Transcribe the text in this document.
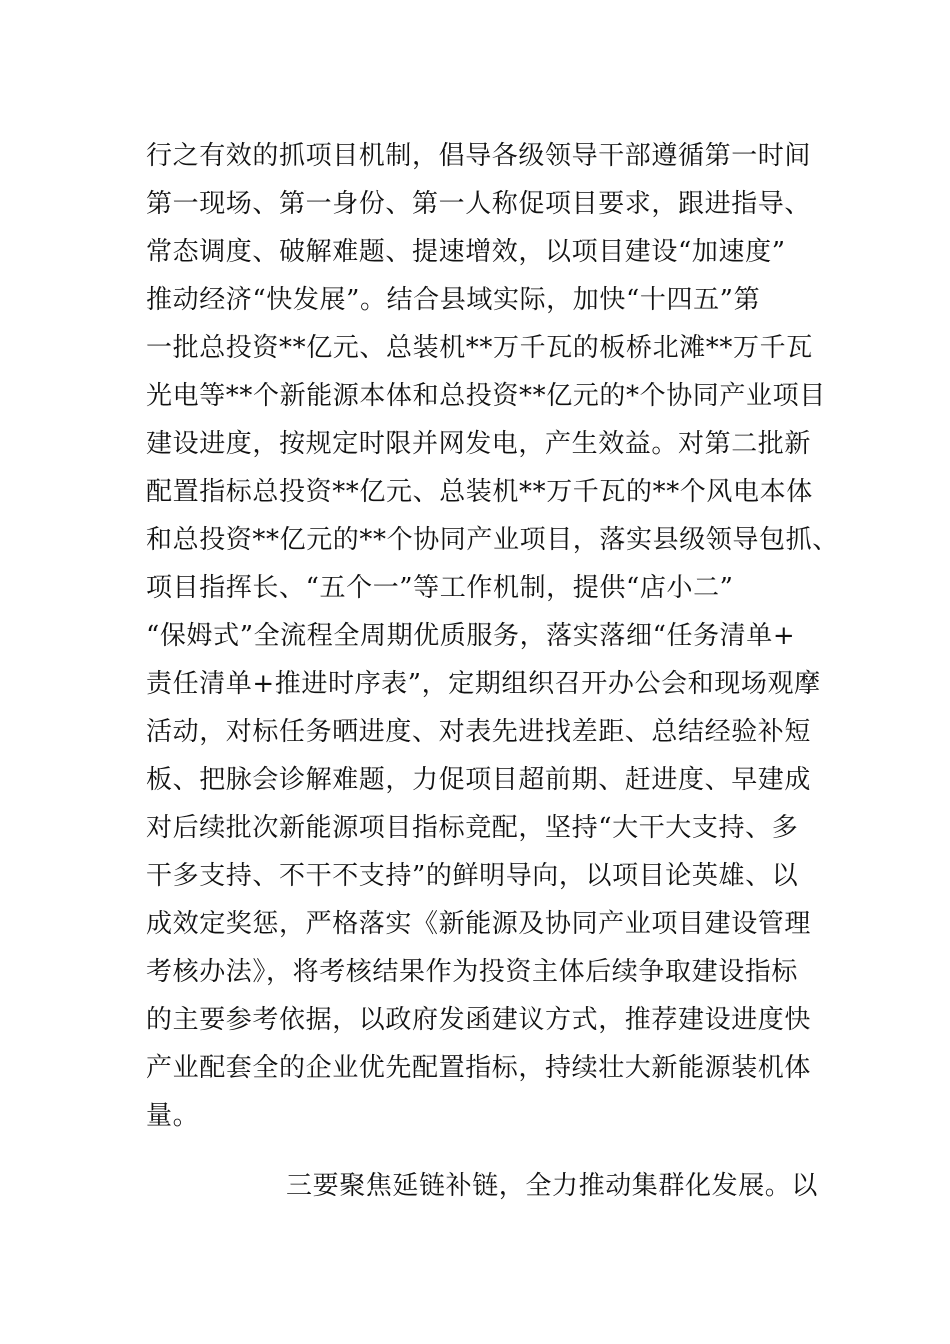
行之有效的抓项目机制，倡导各级领导干部遵循第一时间
第一现场、第一身份、第一人称促项目要求，跟进指导、
常态调度、破解难题、提速增效，以项目建设“加速度”
推动经济“快发展”。结合县域实际，加快“十四五”第
一批总投资**亿元、总装机**万千瓦的板桥北滩**万千瓦
光电等**个新能源本体和总投资**亿元的*个协同产业项目
建设进度，按规定时限并网发电，产生效益。对第二批新
配置指标总投资**亿元、总装机**万千瓦的**个风电本体
和总投资**亿元的**个协同产业项目，落实县级领导包抓、
项目指挥长、“五个一”等工作机制，提供“店小二”
“保姆式”全流程全周期优质服务，落实落细“任务清单+
责任清单+推进时序表”，定期组织召开办公会和现场观摩
活动，对标任务晒进度、对表先进找差距、总结经验补短
板、把脉会诊解难题，力促项目超前期、赶进度、早建成
对后续批次新能源项目指标竞配，坚持“大干大支持、多
干多支持、不干不支持”的鲜明导向，以项目论英雄、以
成效定奖惩，严格落实《新能源及协同产业项目建设管理
考核办法》，将考核结果作为投资主体后续争取建设指标
的主要参考依据，以政府发函建议方式，推荐建设进度快
产业配套全的企业优先配置指标，持续壮大新能源装机体
量。
三要聚焦延链补链，全力推动集群化发展。以
